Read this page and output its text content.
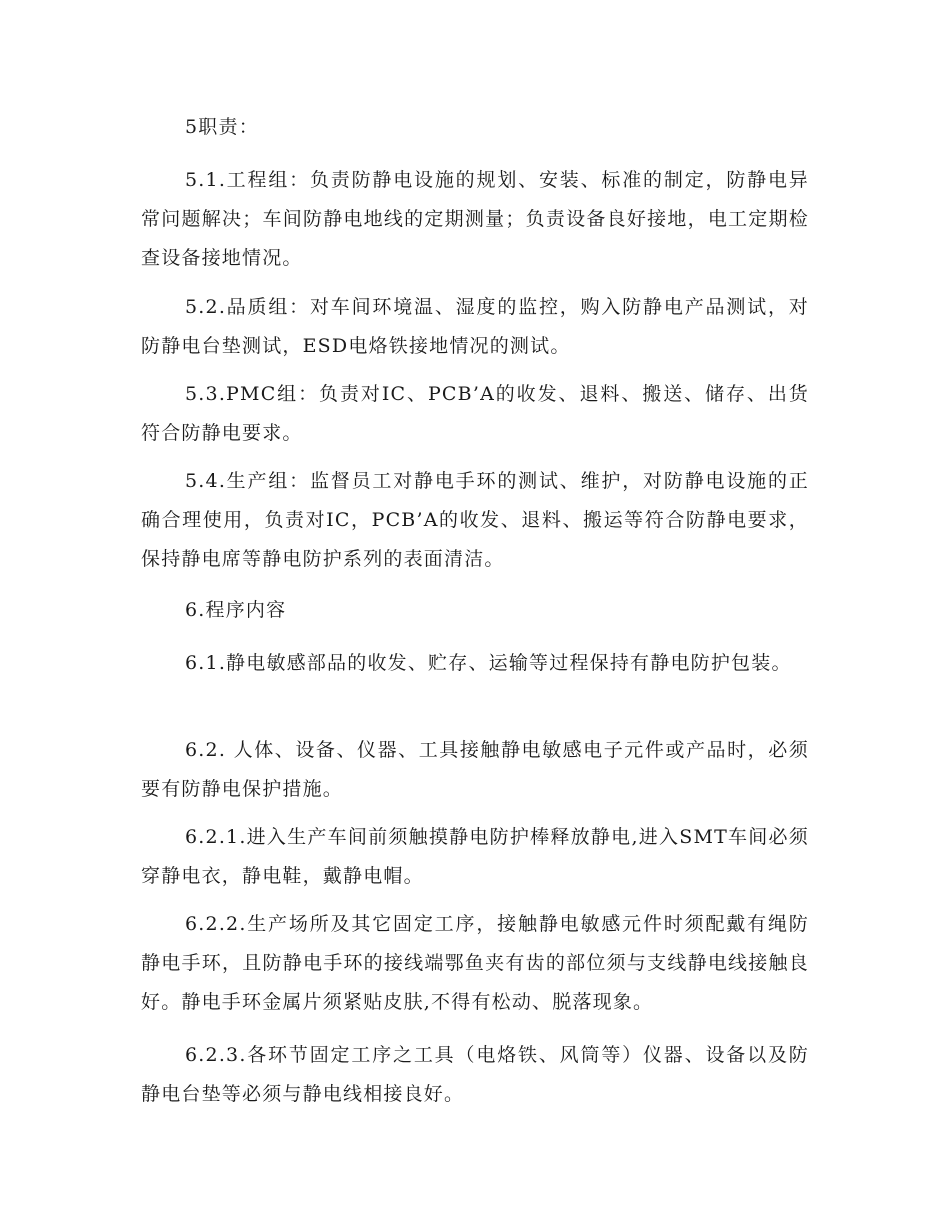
5职责：

5.1.工程组：负责防静电设施的规划、安装、标准的制定，防静电异常问题解决；车间防静电地线的定期测量；负责设备良好接地，电工定期检查设备接地情况。

5.2.品质组：对车间环境温、湿度的监控，购入防静电产品测试，对防静电台垫测试，ESD电烙铁接地情况的测试。

5.3.PMC组：负责对IC、PCB’A的收发、退料、搬送、储存、出货符合防静电要求。

5.4.生产组：监督员工对静电手环的测试、维护，对防静电设施的正确合理使用，负责对IC，PCB’A的收发、退料、搬运等符合防静电要求，保持静电席等静电防护系列的表面清洁。

6.程序内容

6.1.静电敏感部品的收发、贮存、运输等过程保持有静电防护包装。

6.2. 人体、设备、仪器、工具接触静电敏感电子元件或产品时，必须要有防静电保护措施。

6.2.1.进入生产车间前须触摸静电防护棒释放静电,进入SMT车间必须穿静电衣，静电鞋，戴静电帽。

6.2.2.生产场所及其它固定工序，接触静电敏感元件时须配戴有绳防静电手环，且防静电手环的接线端鄂鱼夹有齿的部位须与支线静电线接触良好。静电手环金属片须紧贴皮肤,不得有松动、脱落现象。

6.2.3.各环节固定工序之工具（电烙铁、风筒等）仪器、设备以及防静电台垫等必须与静电线相接良好。
